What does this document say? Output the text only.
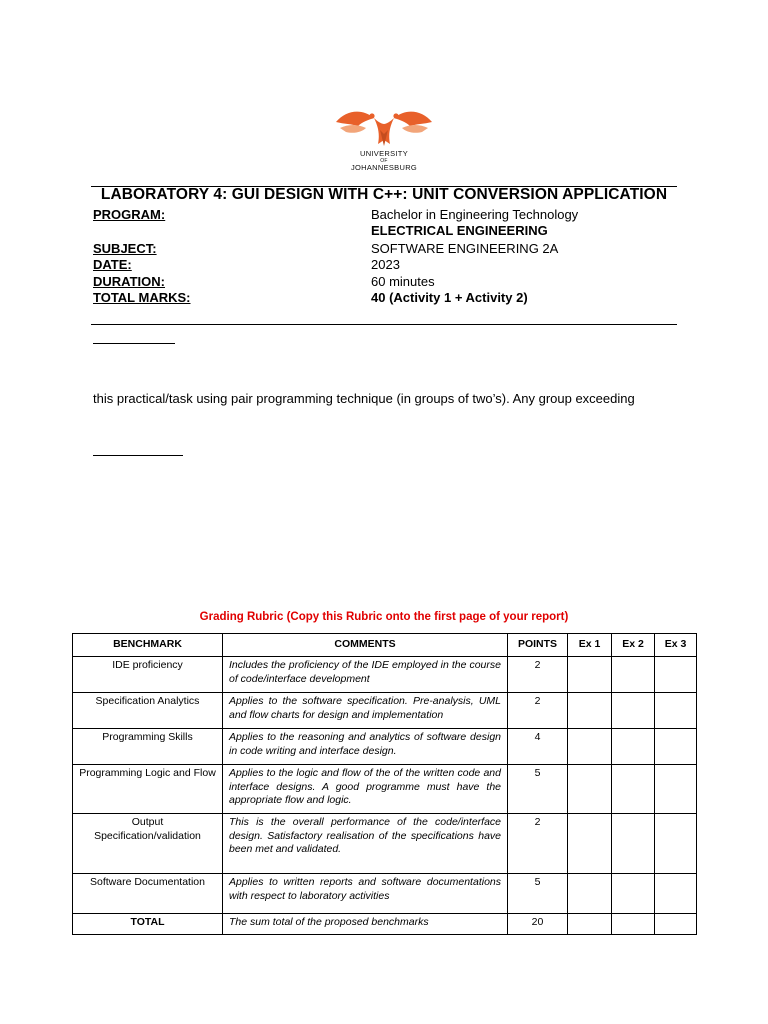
UNIVERSITY
OF
JOHANNESBURG
LABORATORY 4: GUI DESIGN WITH C++: UNIT CONVERSION APPLICATION
PROGRAM:	Bachelor in Engineering Technology
ELECTRICAL ENGINEERING
SUBJECT:	SOFTWARE ENGINEERING 2A
DATE:	2023
DURATION:	60 minutes
TOTAL MARKS:	40 (Activity 1 + Activity 2)
this practical/task using pair programming technique (in groups of two’s). Any group exceeding
Grading Rubric (Copy this Rubric onto the first page of your report)
BENCHMARK	COMMENTS	POINTS	Ex 1	Ex 2	Ex 3
IDE proficiency	Includes the proficiency of the IDE employed in the course of code/interface development	2			
Specification Analytics	Applies to the software specification. Pre-analysis, UML and flow charts for design and implementation	2			
Programming Skills	Applies to the reasoning and analytics of software design in code writing and interface design.	4			
Programming Logic and Flow	Applies to the logic and flow of the of the written code and interface designs. A good programme must have the appropriate flow and logic.	5			
Output Specification/validation	This is the overall performance of the code/interface design. Satisfactory realisation of the specifications have been met and validated.	2			
Software Documentation	Applies to written reports and software documentations with respect to laboratory activities	5			
TOTAL	The sum total of the proposed benchmarks	20			
